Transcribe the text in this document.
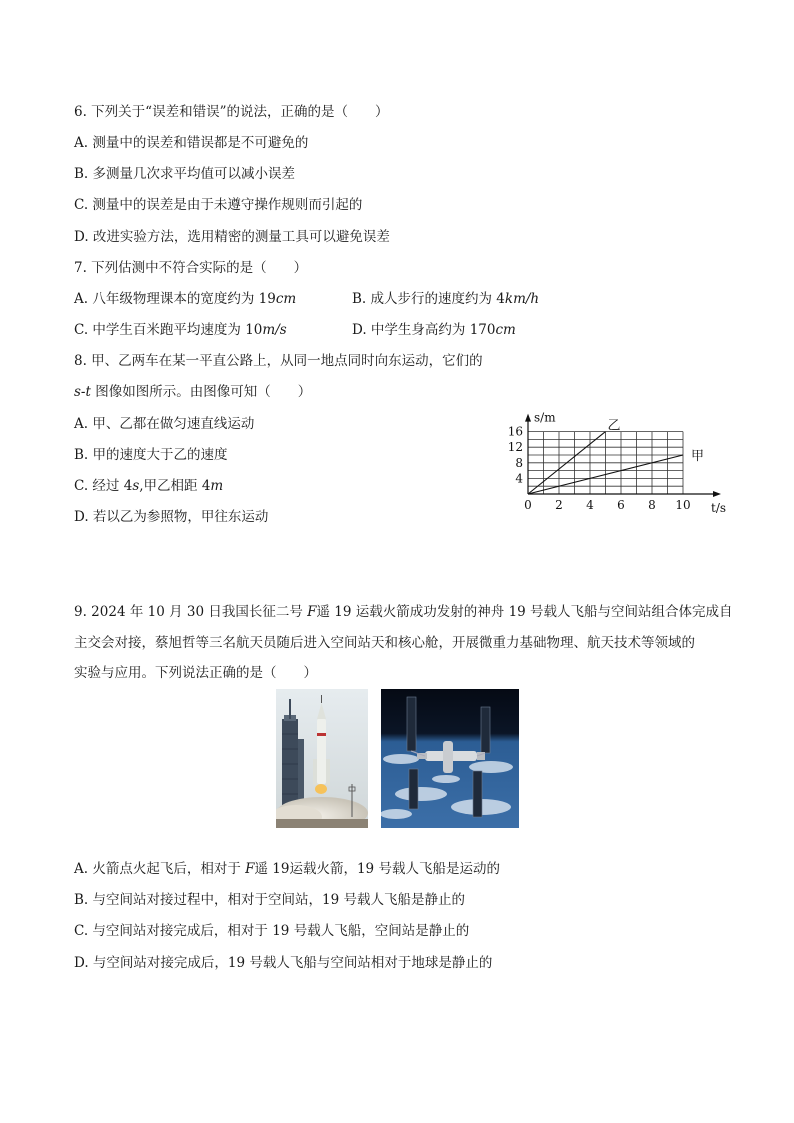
6. 下列关于“误差和错误”的说法，正确的是（　　）
A. 测量中的误差和错误都是不可避免的
B. 多测量几次求平均值可以减小误差
C. 测量中的误差是由于未遵守操作规则而引起的
D. 改进实验方法，选用精密的测量工具可以避免误差
7. 下列估测中不符合实际的是（　　）
A. 八年级物理课本的宽度约为 19cm	B. 成人步行的速度约为 4km/h
C. 中学生百米跑平均速度为 10m/s	D. 中学生身高约为 170cm
8. 甲、乙两车在某一平直公路上，从同一地点同时向东运动，它们的
s-t 图像如图所示。由图像可知（　　）
A. 甲、乙都在做匀速直线运动
B. 甲的速度大于乙的速度
C. 经过 4s,甲乙相距 4m
D. 若以乙为参照物，甲往东运动
0 2 4 6 8 10
4
8
12
16
t/s
s/m
乙
甲
9. 2024 年 10 月 30 日我国长征二号 F遥 19 运载火箭成功发射的神舟 19 号载人飞船与空间站组合体完成自
主交会对接，蔡旭哲等三名航天员随后进入空间站天和核心舱，开展微重力基础物理、航天技术等领域的
实验与应用。下列说法正确的是（　　）
A. 火箭点火起飞后，相对于 F遥 19运载火箭，19 号载人飞船是运动的
B. 与空间站对接过程中，相对于空间站，19 号载人飞船是静止的
C. 与空间站对接完成后，相对于 19 号载人飞船，空间站是静止的
D. 与空间站对接完成后，19 号载人飞船与空间站相对于地球是静止的
